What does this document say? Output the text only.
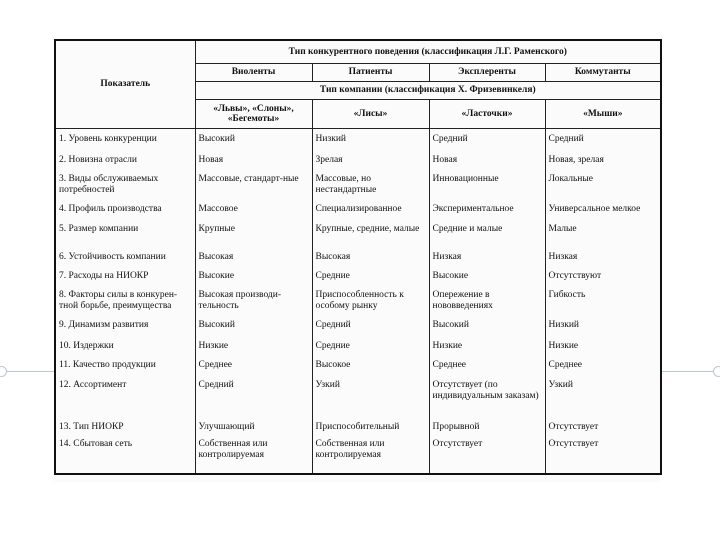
Показатель	Тип конкурентного поведения (классификация Л.Г. Раменского)			
	Виоленты	Патиенты	Эксплеренты	Коммутанты
	Тип компании (классификация X. Фризевинкеля)			
	«Львы», «Слоны», «Бегемоты»	«Лисы»	«Ласточки»	«Мыши»
1. Уровень конкуренции	Высокий	Низкий	Средний	Средний
2. Новизна отрасли	Новая	Зрелая	Новая	Новая, зрелая
3. Виды обслуживаемых потребностей	Массовые, стандарт-ные	Массовые, но нестандартные	Инновационные	Локальные
4. Профиль производства	Массовое	Специализированное	Экспериментальное	Универсальное мелкое
5. Размер компании	Крупные	Крупные, средние, малые	Средние и малые	Малые
6. Устойчивость компании	Высокая	Высокая	Низкая	Низкая
7. Расходы на НИОКР	Высокие	Средние	Высокие	Отсутствуют
8. Факторы силы в конкурен-тной борьбе, преимущества	Высокая производи-тельность	Приспособленность к особому рынку	Опережение в нововведениях	Гибкость
9. Динамизм развития	Высокий	Средний	Высокий	Низкий
10. Издержки	Низкие	Средние	Низкие	Низкие
11. Качество продукции	Среднее	Высокое	Среднее	Среднее
12. Ассортимент	Средний	Узкий	Отсутствует (по индивидуальным заказам)	Узкий
13. Тип НИОКР	Улучшающий	Приспособительный	Прорывной	Отсутствует
14. Сбытовая сеть	Собственная или контролируемая	Собственная или контролируемая	Отсутствует	Отсутствует
